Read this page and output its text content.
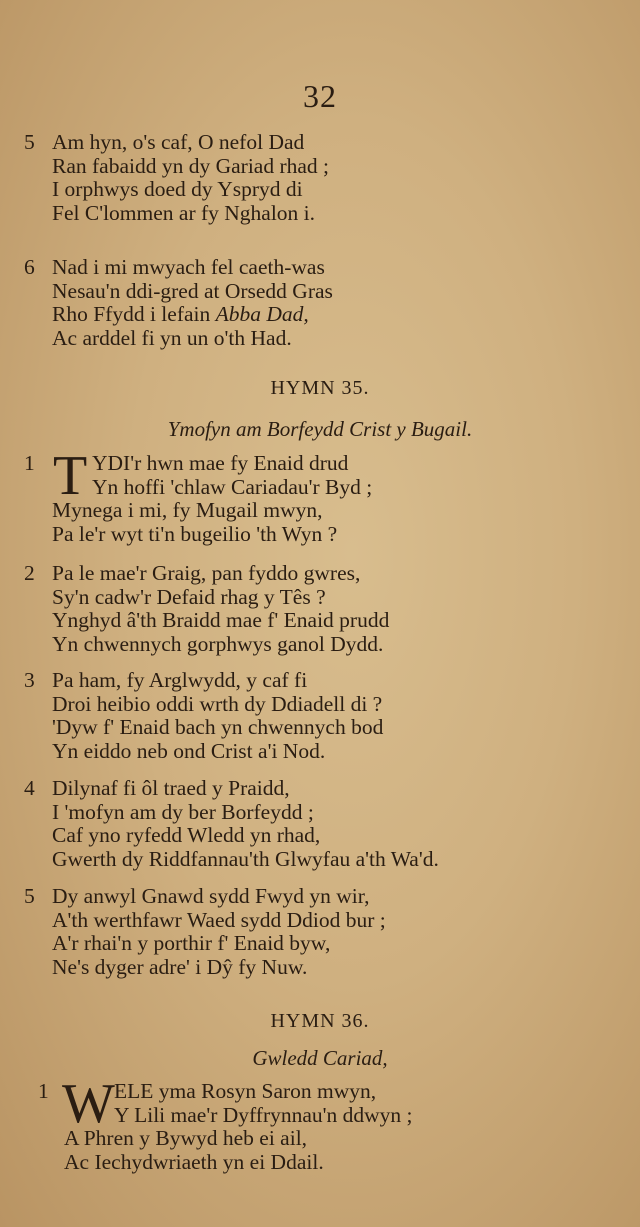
32
5 Am hyn, o's caf, O nefol Dad
Ran fabaidd yn dy Gariad rhad ;
I orphwys doed dy Yspryd di
Fel C'lommen ar fy Nghalon i.
6 Nad i mi mwyach fel caeth-was
Nesau'n ddi-gred at Orsedd Gras
Rho Ffydd i lefain Abba Dad,
Ac arddel fi yn un o'th Had.
HYMN 35.
Ymofyn am Borfeydd Crist y Bugail.
1 T YDI'r hwn mae fy Enaid drud
Yn hoffi 'chlaw Cariadau'r Byd ;
Mynega i mi, fy Mugail mwyn,
Pa le'r wyt ti'n bugeilio 'th Wyn ?
2 Pa le mae'r Graig, pan fyddo gwres,
Sy'n cadw'r Defaid rhag y Tês ?
Ynghyd â'th Braidd mae f' Enaid prudd
Yn chwennych gorphwys ganol Dydd.
3 Pa ham, fy Arglwydd, y caf fi
Droi heibio oddi wrth dy Ddiadell di ?
'Dyw f' Enaid bach yn chwennych bod
Yn eiddo neb ond Crist a'i Nod.
4 Dilynaf fi ôl traed y Praidd,
I 'mofyn am dy ber Borfeydd ;
Caf yno ryfedd Wledd yn rhad,
Gwerth dy Riddfannau'th Glwyfau a'th Wa'd.
5 Dy anwyl Gnawd sydd Fwyd yn wir,
A'th werthfawr Waed sydd Ddiod bur ;
A'r rhai'n y porthir f' Enaid byw,
Ne's dyger adre' i Dŷ fy Nuw.
HYMN 36.
Gwledd Cariad,
1 W ELE yma Rosyn Saron mwyn,
Y Lili mae'r Dyffrynnau'n ddwyn ;
A Phren y Bywyd heb ei ail,
Ac Iechydwriaeth yn ei Ddail.
